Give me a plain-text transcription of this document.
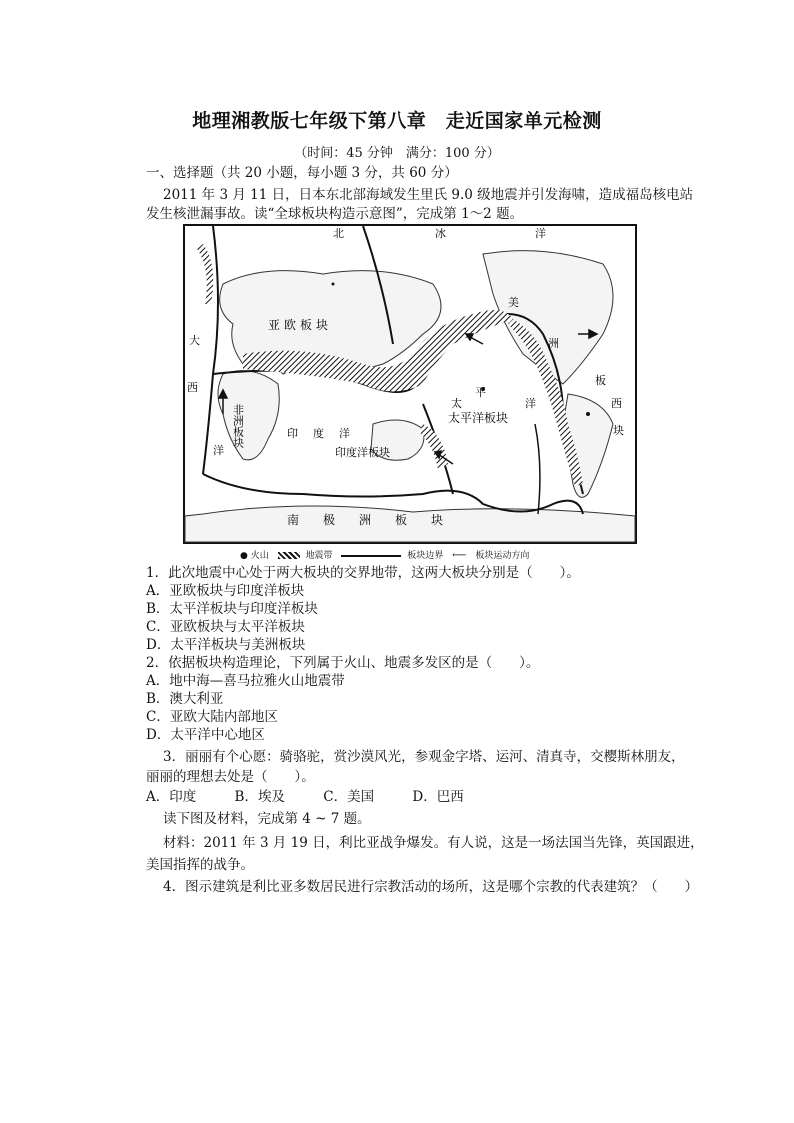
地理湘教版七年级下第八章　走近国家单元检测
（时间：45 分钟　满分：100 分）
一、选择题（共 20 小题，每小题 3 分，共 60 分）
2011 年 3 月 11 日，日本东北部海域发生里氏 9.0 级地震并引发海啸，造成福岛核电站
发生核泄漏事故。读“全球板块构造示意图”，完成第 1～2 题。
北	冰	洋
亚欧板块
美
洲
板
大
西
非洲板块	印 度 洋
太
平
太平洋板块
洋
印度洋板块
西
块
洋
南　　极　　洲　　板　　块
● 火山	地震带	板块边界 ⟵ 板块运动方向
1．此次地震中心处于两大板块的交界地带，这两大板块分别是（　　）。
A．亚欧板块与印度洋板块
B．太平洋板块与印度洋板块
C．亚欧板块与太平洋板块
D．太平洋板块与美洲板块
2．依据板块构造理论，下列属于火山、地震多发区的是（　　）。
A．地中海—喜马拉雅火山地震带
B．澳大利亚
C．亚欧大陆内部地区
D．太平洋中心地区
3．丽丽有个心愿：骑骆驼，赏沙漠风光，参观金字塔、运河、清真寺，交樱斯林朋友，
丽丽的理想去处是（　　）。
A．印度	B．埃及	C．美国	D．巴西
读下图及材料，完成第 4 ~ 7 题。
材料：2011 年 3 月 19 日，利比亚战争爆发。有人说，这是一场法国当先锋，英国跟进，
美国指挥的战争。
4．图示建筑是利比亚多数居民进行宗教活动的场所，这是哪个宗教的代表建筑？（　　）
